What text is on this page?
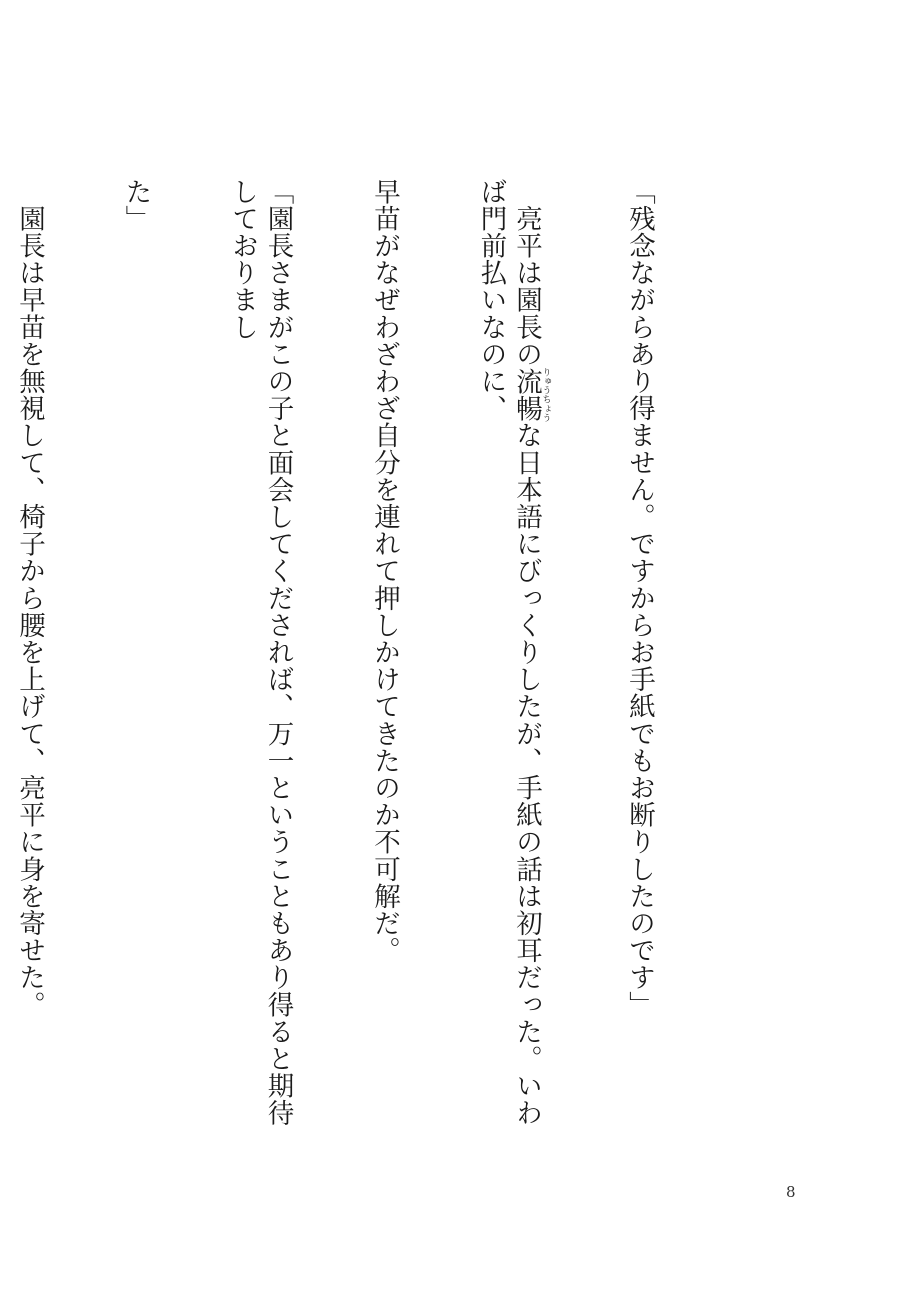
「残念ながらあり得ません。ですからお手紙でもお断りしたのです」

　亮平は園長の流暢りゅうちょうな日本語にびっくりしたが、手紙の話は初耳だった。いわば門前払いなのに、

早苗がなぜわざわざ自分を連れて押しかけてきたのか不可解だ。

「園長さまがこの子と面会してくだされば、万一ということもあり得ると期待しておりまし

た」

　園長は早苗を無視して、椅子から腰を上げて、亮平に身を寄せた。

8
